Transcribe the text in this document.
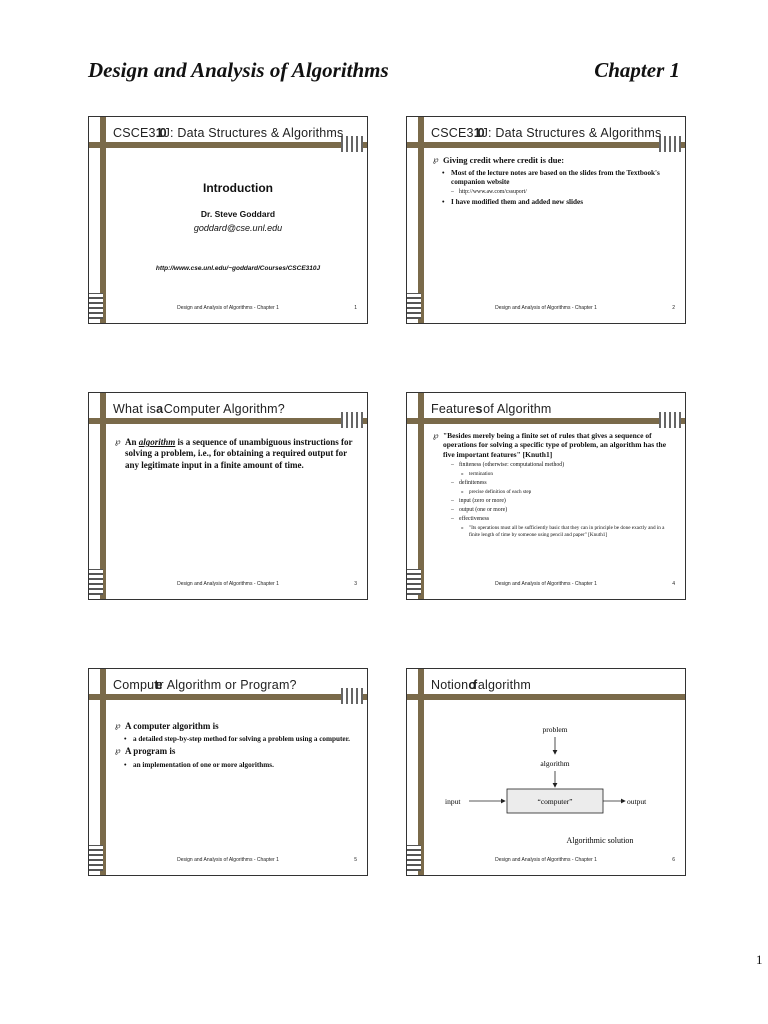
Design and Analysis of Algorithms	Chapter 1
CSCE310J: Data Structures & Algorithms
Introduction
Dr. Steve Goddard
goddard@cse.unl.edu
http://www.cse.unl.edu/~goddard/Courses/CSCE310J
Design and Analysis of Algorithms - Chapter 1	1
CSCE310J: Data Structures & Algorithms
℘ Giving credit where credit is due:
• Most of the lecture notes are based on the slides from the Textbook's companion website
– http://www.aw.com/cssuport/
• I have modified them and added new slides
Design and Analysis of Algorithms - Chapter 1	2
What isa Computer Algorithm?
℘ An algorithm is a sequence of unambiguous instructions for solving a problem, i.e., for obtaining a required output for any legitimate input in a finite amount of time.
Design and Analysis of Algorithms - Chapter 1	3
Features of Algorithm
℘ "Besides merely being a finite set of rules that gives a sequence of operations for solving a specific type of problem, an algorithm has the five important features" [Knuth1]
– finiteness (otherwise: computational method)
» termination
– definiteness
» precise definition of each step
– input (zero or more)
– output (one or more)
– effectiveness
» "Its operations must all be sufficiently basic that they can in principle be done exactly and in a finite length of time by someone using pencil and paper" [Knuth1]
Design and Analysis of Algorithms - Chapter 1	4
Computer Algorithm or Program?
℘ A computer algorithm is
• a detailed step-by-step method for solving a problem using a computer.
℘ A program is
• an implementation of one or more algorithms.
Design and Analysis of Algorithms - Chapter 1	5
Notionof algorithm
problem
algorithm
“computer”
input	output
Algorithmic solution
Design and Analysis of Algorithms - Chapter 1	6
1
